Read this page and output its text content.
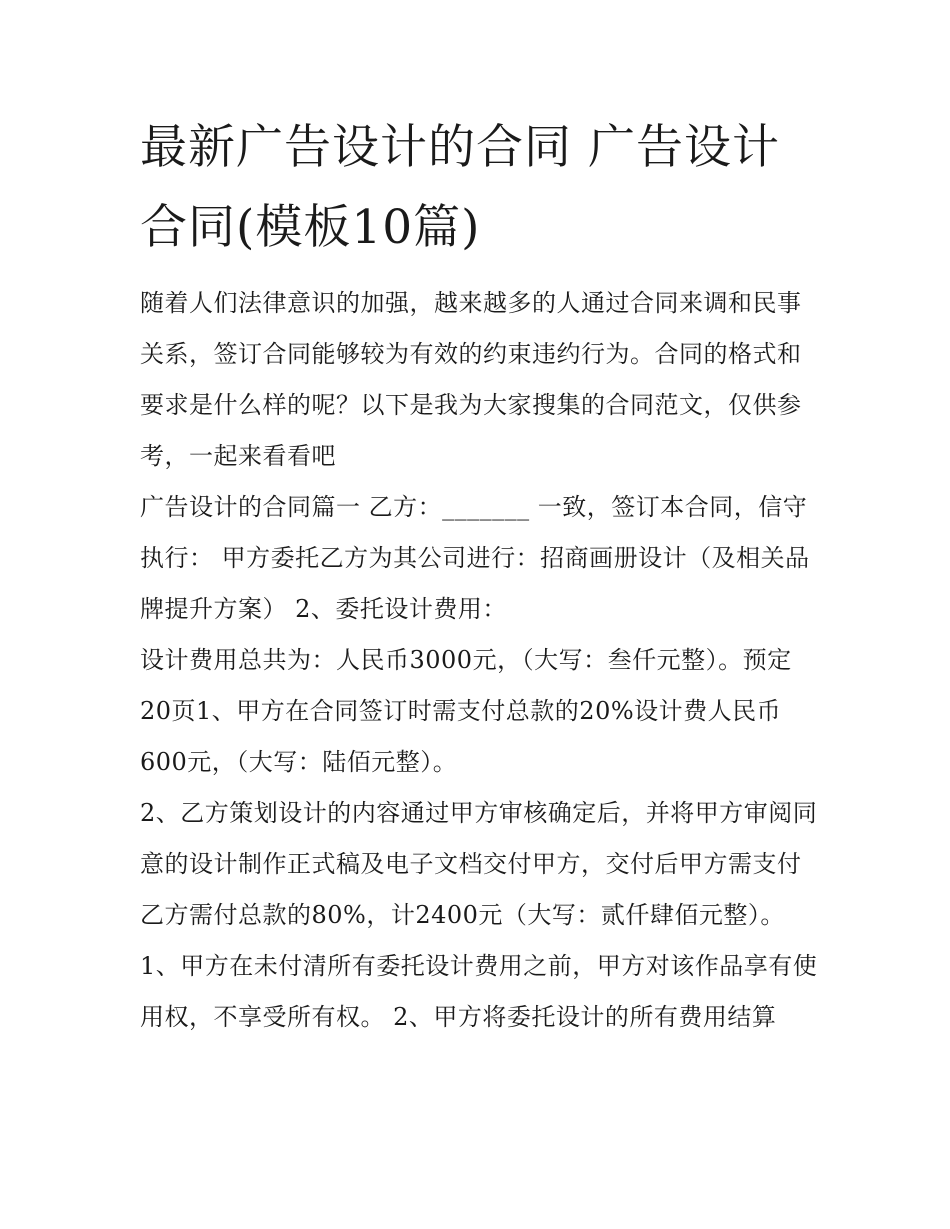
最新广告设计的合同 广告设计合同(模板10篇)

随着人们法律意识的加强，越来越多的人通过合同来调和民事关系，签订合同能够较为有效的约束违约行为。合同的格式和要求是什么样的呢？以下是我为大家搜集的合同范文，仅供参考，一起来看看吧

广告设计的合同篇一 乙方：_______ 一致，签订本合同，信守执行： 甲方委托乙方为其公司进行：招商画册设计（及相关品牌提升方案） 2、委托设计费用：

设计费用总共为：人民币3000元，（大写：叁仟元整）。预定20页1、甲方在合同签订时需支付总款的20%设计费人民币600元，（大写：陆佰元整）。

2、乙方策划设计的内容通过甲方审核确定后，并将甲方审阅同意的设计制作正式稿及电子文档交付甲方，交付后甲方需支付乙方需付总款的80%，计2400元（大写：贰仟肆佰元整）。

1、甲方在未付清所有委托设计费用之前，甲方对该作品享有使用权，不享受所有权。 2、甲方将委托设计的所有费用结算
